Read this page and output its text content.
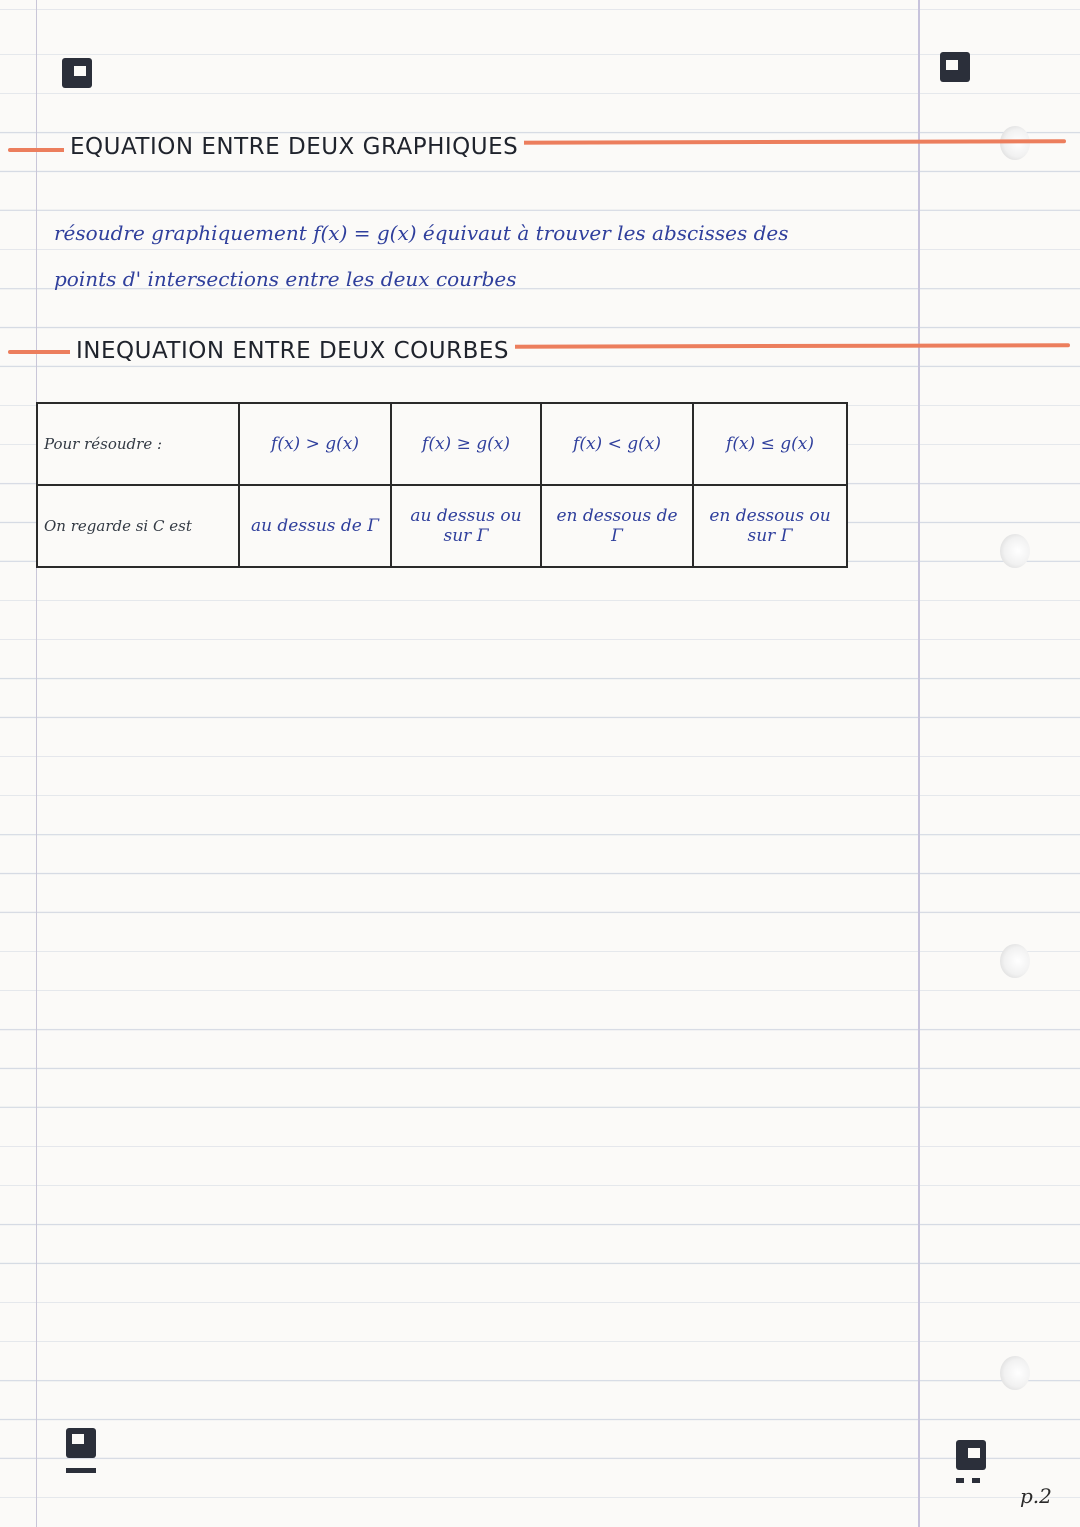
EQUATION ENTRE DEUX GRAPHIQUES
résoudre graphiquement f(x) = g(x) équivaut à trouver les abscisses des
points d' intersections entre les deux courbes
INEQUATION ENTRE DEUX COURBES
Pour résoudre :	f(x) > g(x)	f(x) ≥ g(x)	f(x) < g(x)	f(x) ≤ g(x)
On regarde si C est	au dessus de Γ	au dessus ou sur Γ	en dessous de Γ	en dessous ou sur Γ
p.2
